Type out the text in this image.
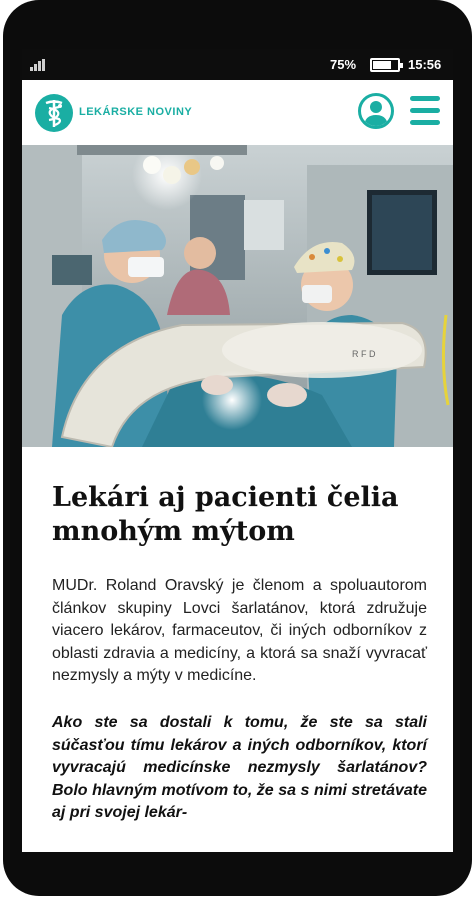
75%	15:56
LEKÁRSKE NOVINY
R F D
Lekári aj pacienti čelia mnohým mýtom

MUDr. Roland Oravský je členom a spoluautorom článkov skupiny Lovci šarlatánov, ktorá združuje viacero lekárov, farmaceutov, či iných odborníkov z oblasti zdravia a medicíny, a ktorá sa snaží vyvracať nezmysly a mýty v medicíne.

Ako ste sa dostali k tomu, že ste sa stali súčasťou tímu lekárov a iných odborníkov, ktorí vyvracajú medicínske nezmysly šarlatánov? Bolo hlavným motívom to, že sa s nimi stretávate aj pri svojej lekár-
